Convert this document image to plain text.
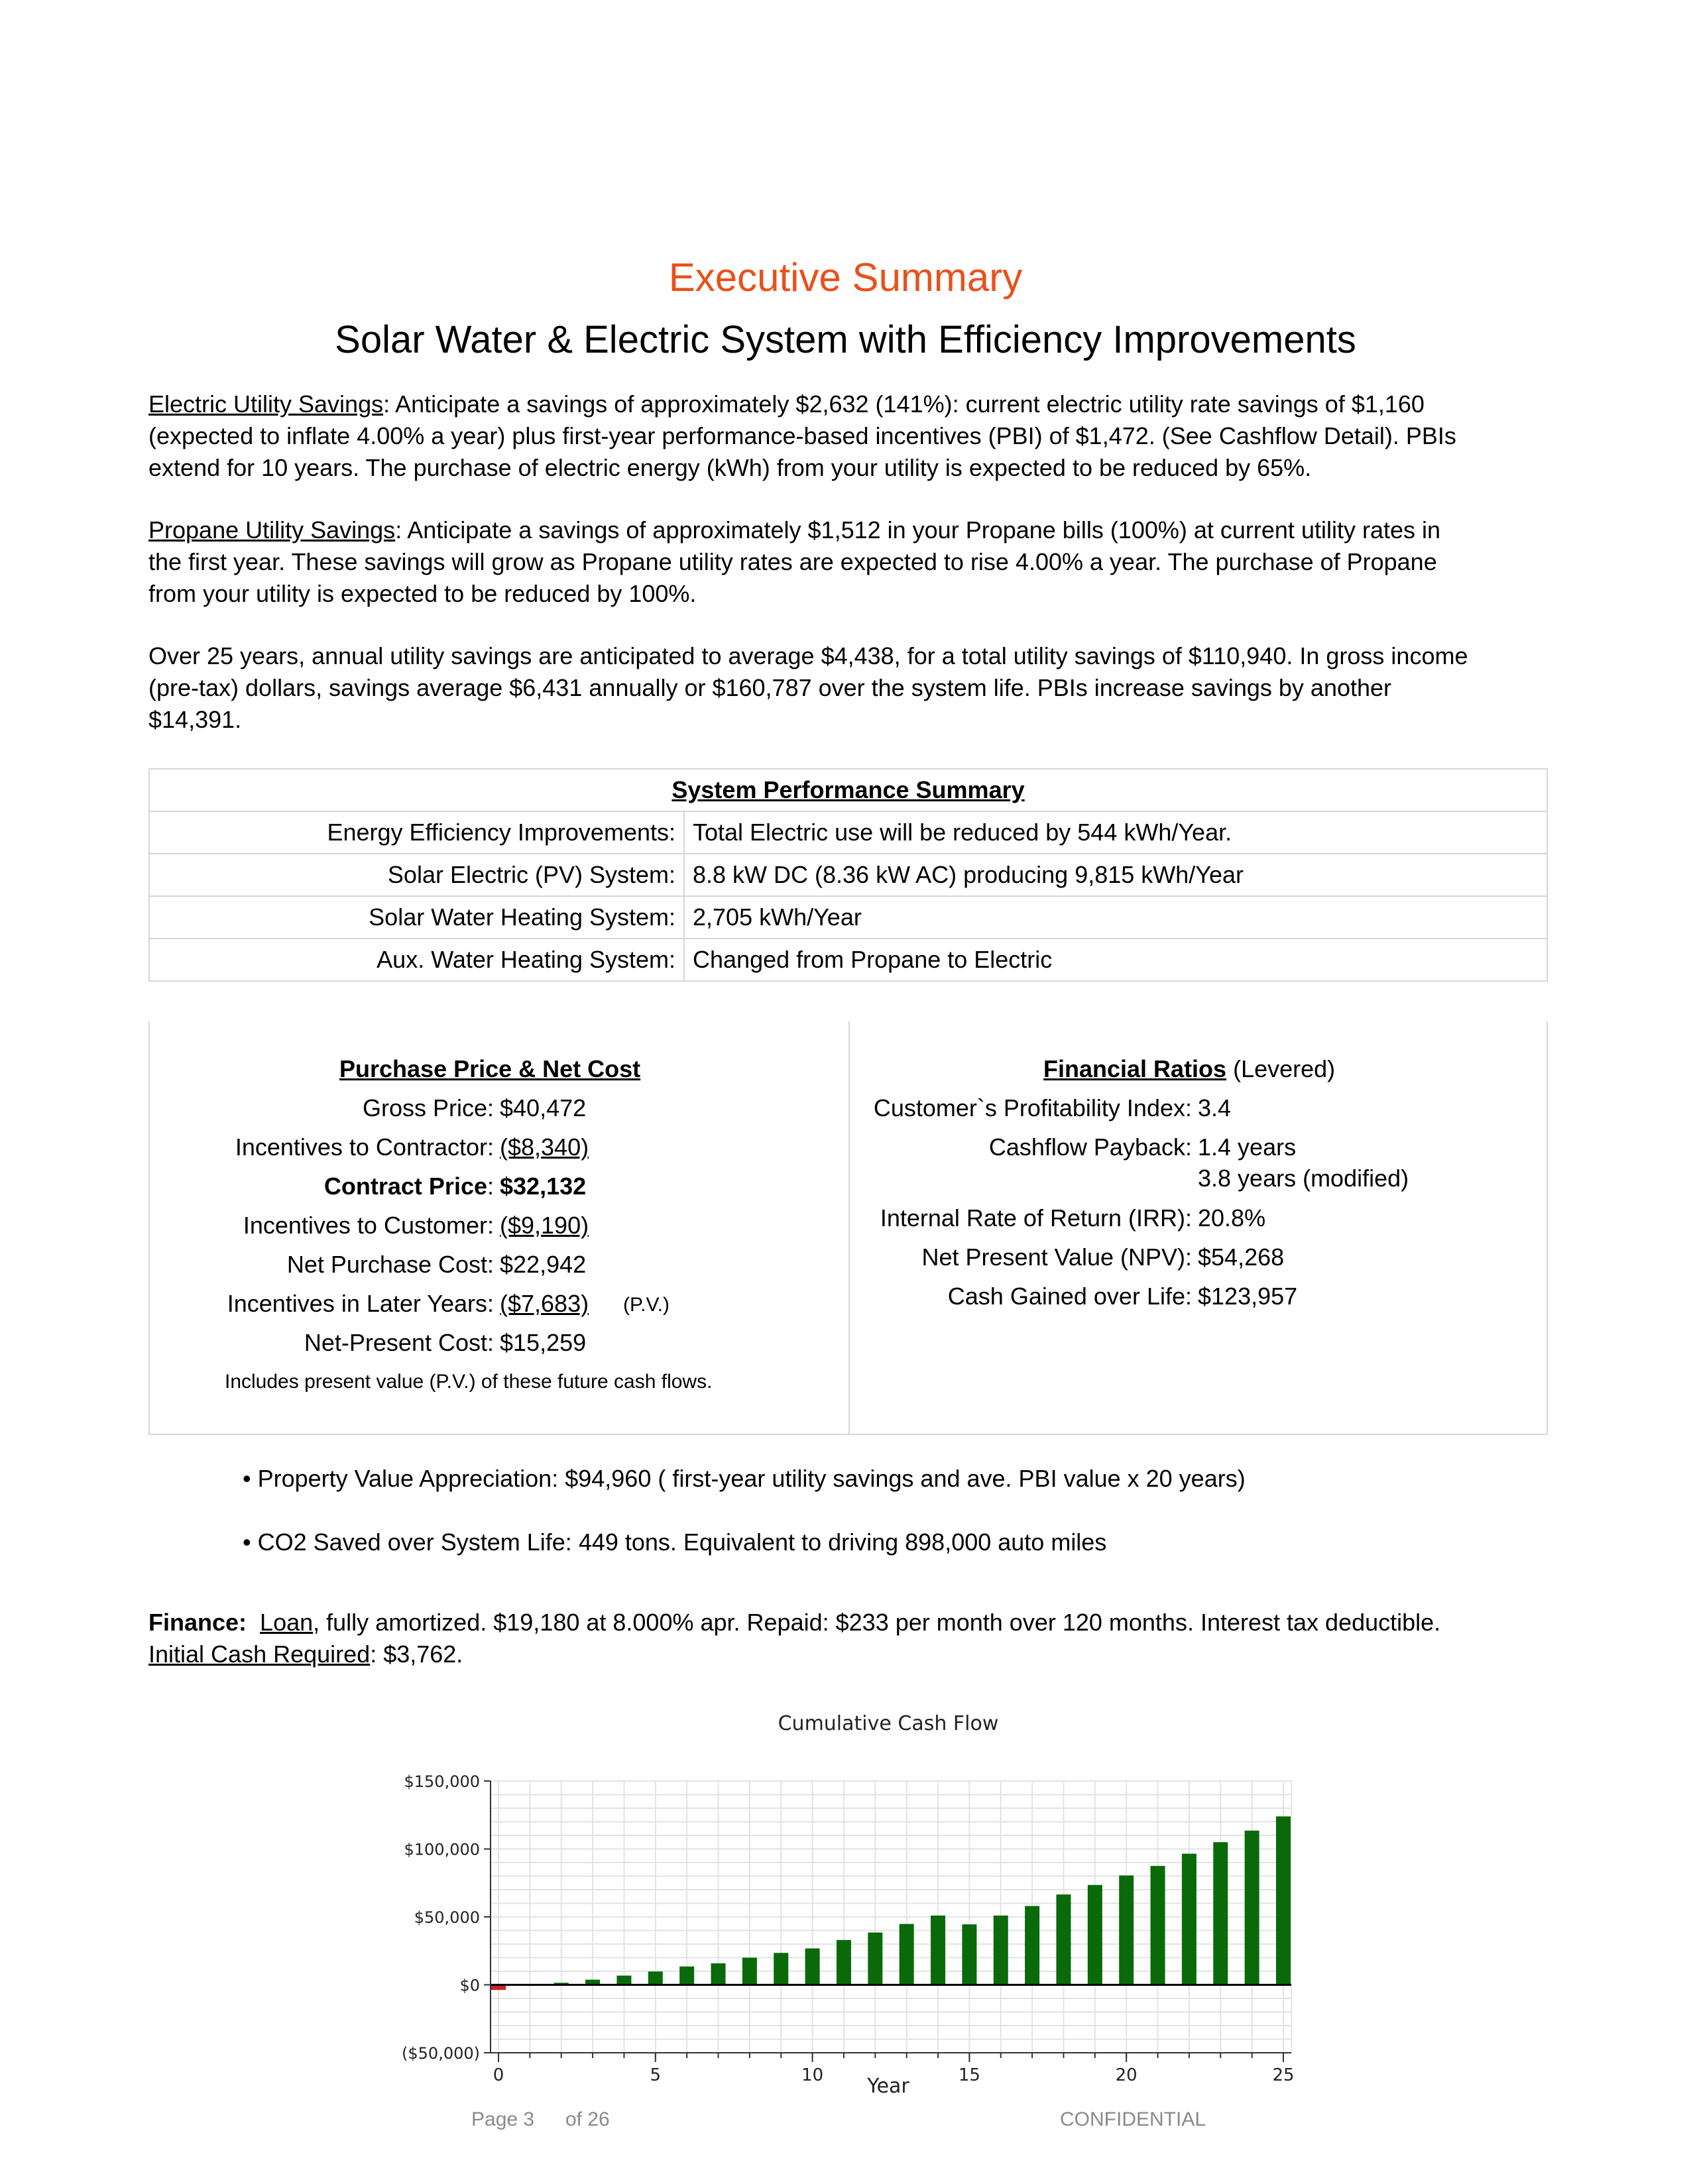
Executive Summary
Solar Water & Electric System with Efficiency Improvements

Electric Utility Savings: Anticipate a savings of approximately $2,632 (141%): current electric utility rate savings of $1,160

(expected to inflate 4.00% a year) plus first-year performance-based incentives (PBI) of $1,472. (See Cashflow Detail). PBIs

extend for 10 years. The purchase of electric energy (kWh) from your utility is expected to be reduced by 65%.

Propane Utility Savings: Anticipate a savings of approximately $1,512 in your Propane bills (100%) at current utility rates in

the first year. These savings will grow as Propane utility rates are expected to rise 4.00% a year. The purchase of Propane

from your utility is expected to be reduced by 100%.

Over 25 years, annual utility savings are anticipated to average $4,438, for a total utility savings of $110,940. In gross income

(pre-tax) dollars, savings average $6,431 annually or $160,787 over the system life. PBIs increase savings by another

$14,391.

System Performance Summary	
Energy Efficiency Improvements:	Total Electric use will be reduced by 544 kWh/Year.
Solar Electric (PV) System:	8.8 kW DC (8.36 kW AC) producing 9,815 kWh/Year
Solar Water Heating System:	2,705 kWh/Year
Aux. Water Heating System:	Changed from Propane to Electric
Purchase Price & Net Cost
Gross Price: $40,472
Incentives to Contractor: ($8,340)
Contract Price: $32,132
Incentives to Customer: ($9,190)
Net Purchase Cost: $22,942
Incentives in Later Years: ($7,683) (P.V.)
Net-Present Cost: $15,259
Includes present value (P.V.) of these future cash flows.
Financial Ratios (Levered)
Customer`s Profitability Index: 3.4
Cashflow Payback: 1.4 years
3.8 years (modified)
Internal Rate of Return (IRR): 20.8%
Net Present Value (NPV): $54,268
Cash Gained over Life: $123,957
• Property Value Appreciation: $94,960 ( first-year utility savings and ave. PBI value x 20 years)
• CO2 Saved over System Life: 449 tons. Equivalent to driving 898,000 auto miles

Finance: Loan, fully amortized. $19,180 at 8.000% apr. Repaid: $233 per month over 120 months. Interest tax deductible.

Initial Cash Required: $3,762.

Cumulative Cash Flow
($50,000)
$0
$50,000
$100,000
$150,000
0	5	10	15	20	25
Year
Page 3 of 26	CONFIDENTIAL
